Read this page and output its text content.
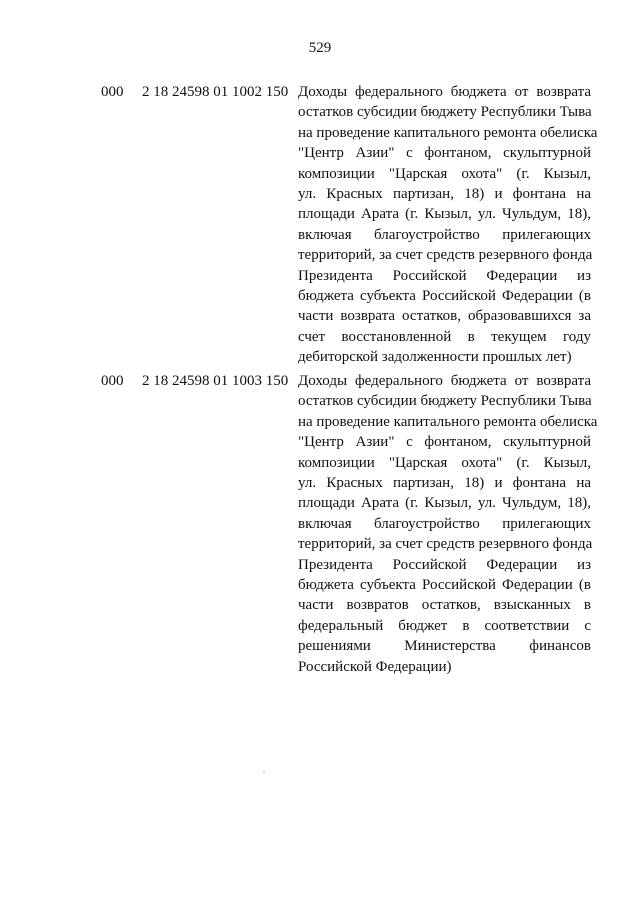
529
000 2 18 24598 01 1002 150 Доходы федерального бюджета от возврата
остатков субсидии бюджету Республики Тыва
на проведение капитального ремонта обелиска
"Центр Азии" с фонтаном, скульптурной
композиции "Царская охота" (г. Кызыл,
ул. Красных партизан, 18) и фонтана на
площади Арата (г. Кызыл, ул. Чульдум, 18),
включая благоустройство прилегающих
территорий, за счет средств резервного фонда
Президента Российской Федерации из
бюджета субъекта Российской Федерации (в
части возврата остатков, образовавшихся за
счет восстановленной в текущем году
дебиторской задолженности прошлых лет)
000 2 18 24598 01 1003 150 Доходы федерального бюджета от возврата
остатков субсидии бюджету Республики Тыва
на проведение капитального ремонта обелиска
"Центр Азии" с фонтаном, скульптурной
композиции "Царская охота" (г. Кызыл,
ул. Красных партизан, 18) и фонтана на
площади Арата (г. Кызыл, ул. Чульдум, 18),
включая благоустройство прилегающих
территорий, за счет средств резервного фонда
Президента Российской Федерации из
бюджета субъекта Российской Федерации (в
части возвратов остатков, взысканных в
федеральный бюджет в соответствии с
решениями Министерства финансов
Российской Федерации)
